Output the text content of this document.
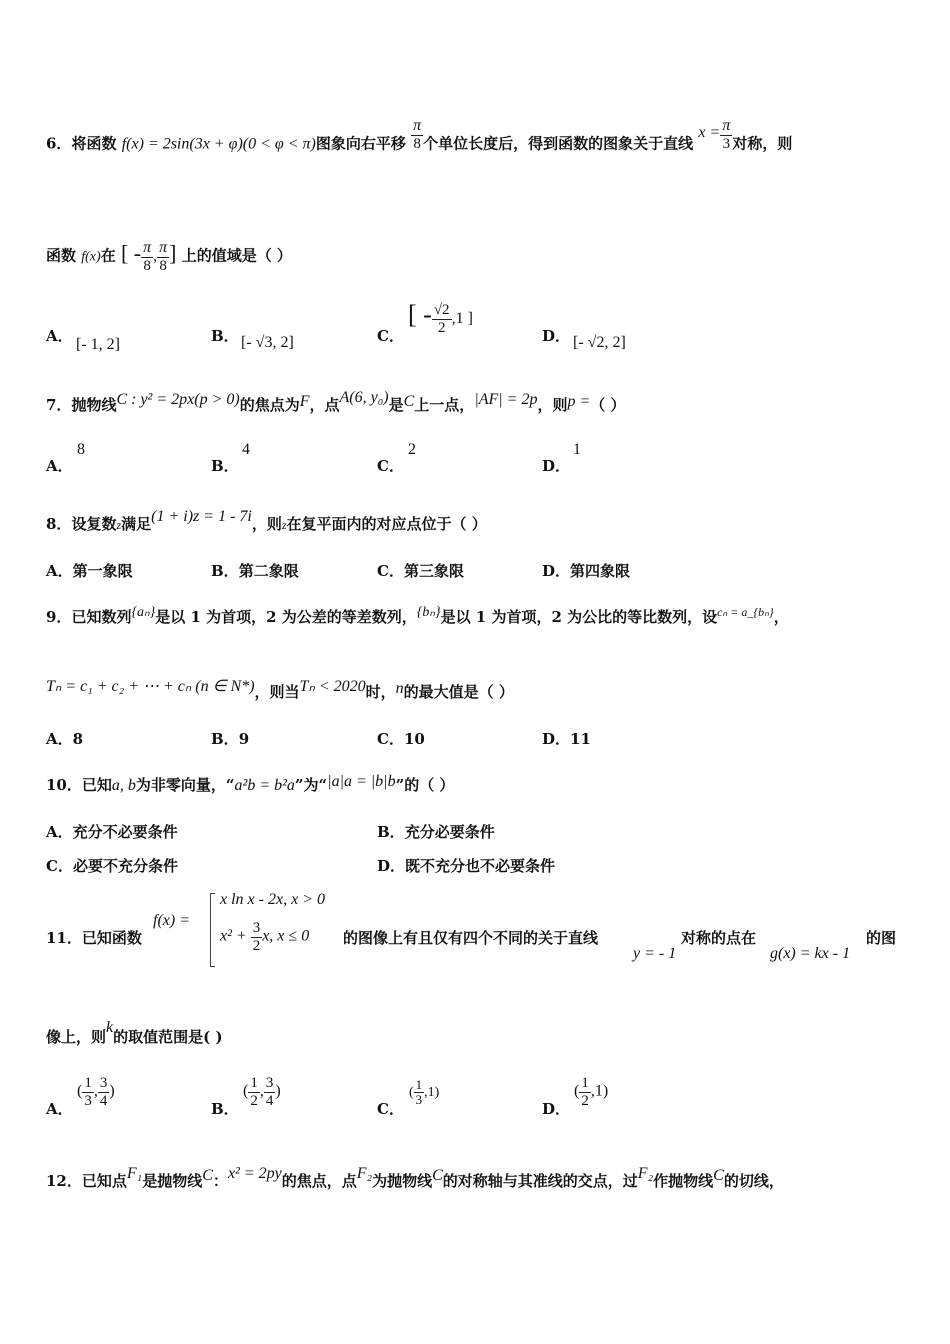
6．将函数 f(x) = 2sin(3x + φ)(0 < φ < π)图象向右平移 $\frac{\pi}{8}$ 个单位长度后，得到函数的图象关于直线 $x = \frac{\pi}{3}$ 对称，则
函数 f(x)在 [ - $\frac{\pi}{8}$ , $\frac{\pi}{8}$ ] 上的值域是（ ）
A． [- 1, 2]	B． [- √3, 2]	C．
[ - $\frac{√2}{2} ,1$ ]
D． [- √2, 2]
7．抛物线C : y² = 2px(p > 0)的焦点为F，点A(6, y₀)是C上一点，|AF| = 2p，则p =（ ）
A．
8
B．
4
C．
2
D．
1
8．设复数z满足(1 + i)z = 1 - 7i，则z在复平面内的对应点位于（ ）
A．第一象限	B．第二象限	C．第三象限	D．第四象限
9．已知数列{aₙ}是以 1 为首项，2 为公差的等差数列，{bₙ}是以 1 为首项，2 为公比的等比数列，设$^{c_n = a\_\{b_n\}}$，
Tₙ = c₁ + c₂ + ⋯ + cₙ (n ∈ N*)，则当Tₙ < 2020时，n的最大值是（ ）
A．8	B．9	C．10	D．11
10．已知a, b为非零向量，“a²b = b²a”为“|a|a = |b|b”的（ ）
A．充分不必要条件	B．充分必要条件
C．必要不充分条件	D．既不充分也不必要条件
11．已知函数
f(x) =
x ln x - 2x, x > 0
$x^2 + \frac{3}{2} x$, x ≤ 0 的图像上有且仅有四个不同的关于直线
y = - 1
对称的点在
g(x) = kx - 1
的图
像上，则k的取值范围是( )
A．
( $\frac{1}{3}$ , $\frac{3}{4}$ )
B．
( $\frac{1}{2}$ , $\frac{3}{4}$ )
C．
( $\frac{1}{3} ,1$)
D．
( $\frac{1}{2} ,1$)
12．已知点F₁是抛物线C：x² = 2py的焦点，点F₂为抛物线C的对称轴与其准线的交点，过F₂作抛物线C的切线，
